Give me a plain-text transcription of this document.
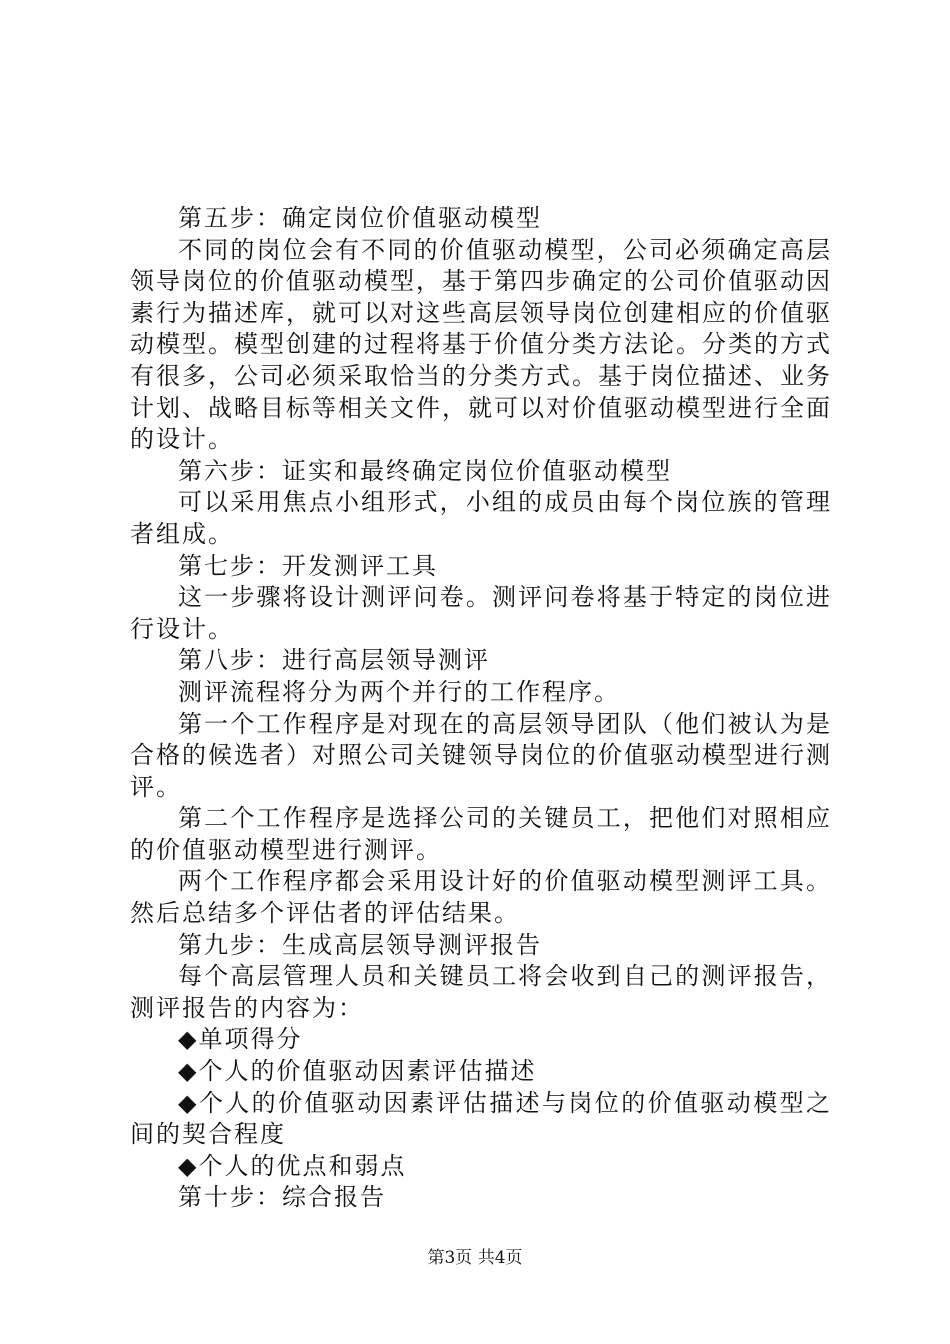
第五步：确定岗位价值驱动模型

不同的岗位会有不同的价值驱动模型，公司必须确定高层领导岗位的价值驱动模型，基于第四步确定的公司价值驱动因素行为描述库，就可以对这些高层领导岗位创建相应的价值驱动模型。模型创建的过程将基于价值分类方法论。分类的方式有很多，公司必须采取恰当的分类方式。基于岗位描述、业务计划、战略目标等相关文件，就可以对价值驱动模型进行全面的设计。

第六步：证实和最终确定岗位价值驱动模型

可以采用焦点小组形式，小组的成员由每个岗位族的管理者组成。

第七步：开发测评工具

这一步骤将设计测评问卷。测评问卷将基于特定的岗位进行设计。

第八步：进行高层领导测评

测评流程将分为两个并行的工作程序。

第一个工作程序是对现在的高层领导团队（他们被认为是合格的候选者）对照公司关键领导岗位的价值驱动模型进行测评。

第二个工作程序是选择公司的关键员工，把他们对照相应的价值驱动模型进行测评。

两个工作程序都会采用设计好的价值驱动模型测评工具。然后总结多个评估者的评估结果。

第九步：生成高层领导测评报告

每个高层管理人员和关键员工将会收到自己的测评报告，测评报告的内容为：

◆单项得分

◆个人的价值驱动因素评估描述

◆个人的价值驱动因素评估描述与岗位的价值驱动模型之间的契合程度

◆个人的优点和弱点

第十步：综合报告

第3页 共4页
